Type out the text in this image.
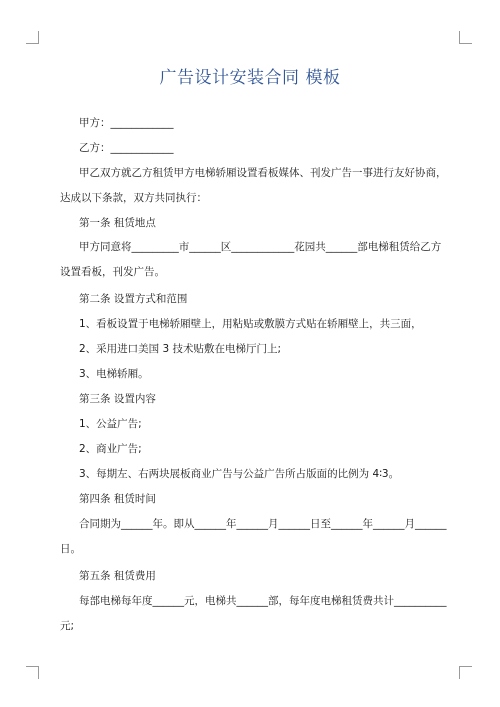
广告设计安装合同 模板
甲方：____________
乙方：____________
甲乙双方就乙方租赁甲方电梯轿厢设置看板媒体、刊发广告一事进行友好协商，
达成以下条款，双方共同执行：
第一条 租赁地点
甲方同意将_________市______区____________花园共______部电梯租赁给乙方
设置看板，刊发广告。
第二条 设置方式和范围
1、看板设置于电梯轿厢壁上，用粘贴或敷膜方式贴在轿厢壁上，共三面，
2、采用进口美国 3 技术贴敷在电梯厅门上;
3、电梯轿厢。
第三条 设置内容
1、公益广告;
2、商业广告;
3、每期左、右两块展板商业广告与公益广告所占版面的比例为 4∶3。
第四条 租赁时间
合同期为______年。即从______年______月______日至______年______月______
日。
第五条 租赁费用
每部电梯每年度______元，电梯共______部，每年度电梯租赁费共计__________
元;
